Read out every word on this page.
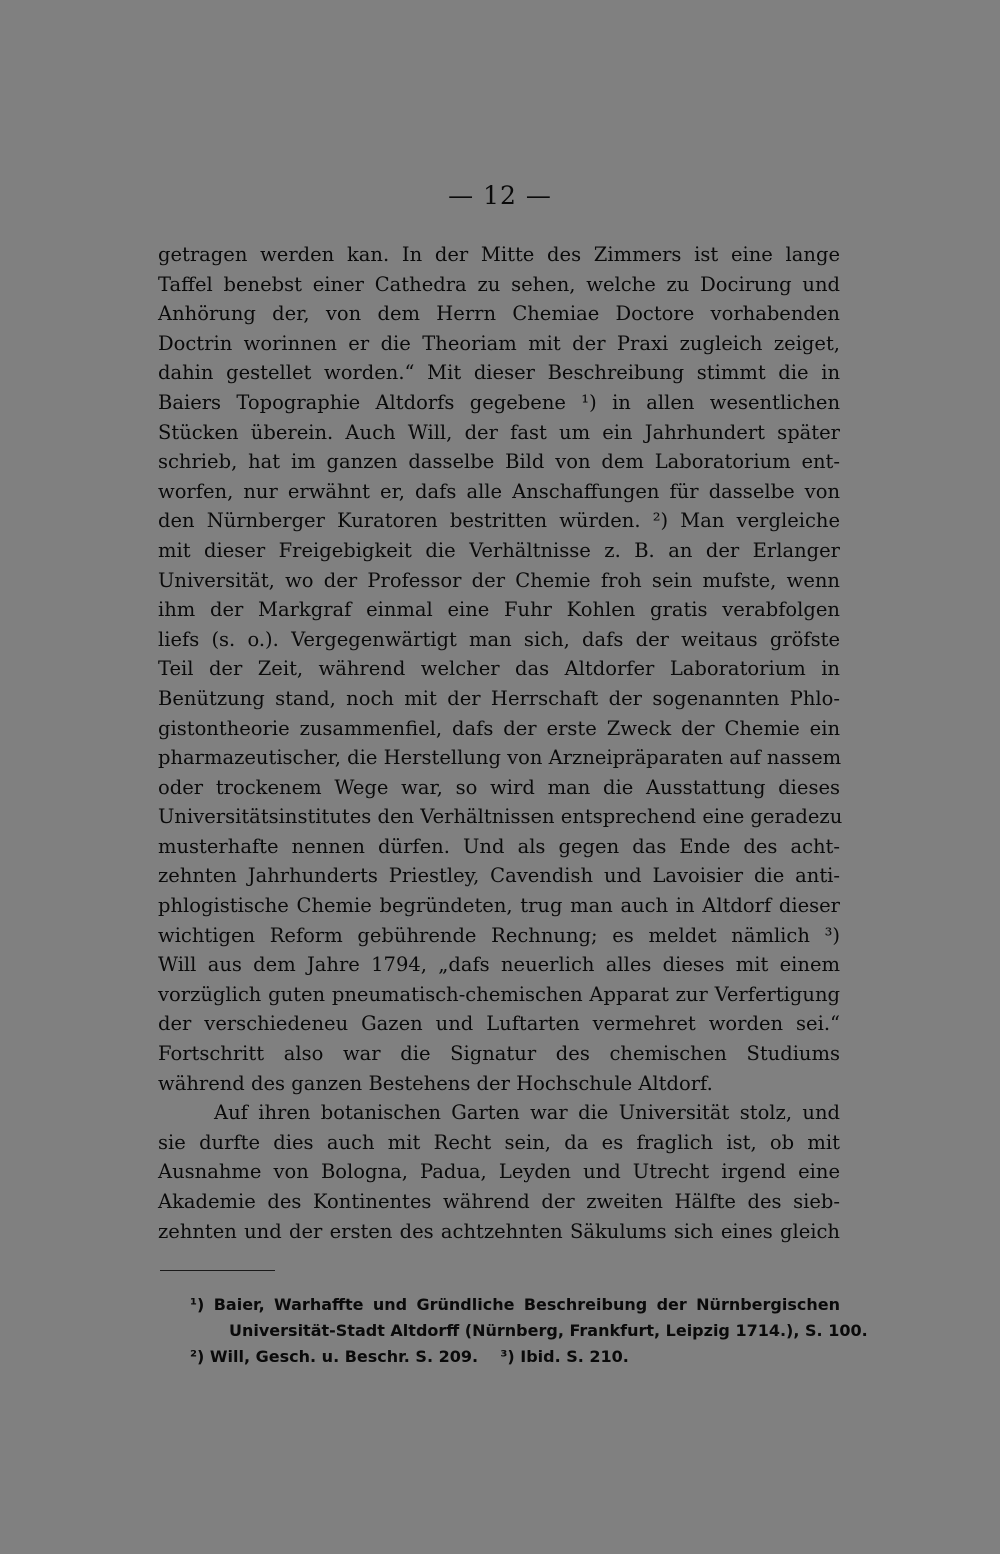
— 12 —
getragen werden kan. In der Mitte des Zimmers ist eine lange
Taffel benebst einer Cathedra zu sehen, welche zu Docirung und
Anhörung der, von dem Herrn Chemiae Doctore vorhabenden
Doctrin worinnen er die Theoriam mit der Praxi zugleich zeiget,
dahin gestellet worden.“ Mit dieser Beschreibung stimmt die in
Baiers Topographie Altdorfs gegebene ¹) in allen wesentlichen
Stücken überein. Auch Will, der fast um ein Jahrhundert später
schrieb, hat im ganzen dasselbe Bild von dem Laboratorium ent-
worfen, nur erwähnt er, dafs alle Anschaffungen für dasselbe von
den Nürnberger Kuratoren bestritten würden. ²) Man vergleiche
mit dieser Freigebigkeit die Verhältnisse z. B. an der Erlanger
Universität, wo der Professor der Chemie froh sein mufste, wenn
ihm der Markgraf einmal eine Fuhr Kohlen gratis verabfolgen
liefs (s. o.). Vergegenwärtigt man sich, dafs der weitaus gröfste
Teil der Zeit, während welcher das Altdorfer Laboratorium in
Benützung stand, noch mit der Herrschaft der sogenannten Phlo-
gistontheorie zusammenfiel, dafs der erste Zweck der Chemie ein
pharmazeutischer, die Herstellung von Arzneipräparaten auf nassem
oder trockenem Wege war, so wird man die Ausstattung dieses
Universitätsinstitutes den Verhältnissen entsprechend eine geradezu
musterhafte nennen dürfen. Und als gegen das Ende des acht-
zehnten Jahrhunderts Priestley, Cavendish und Lavoisier die anti-
phlogistische Chemie begründeten, trug man auch in Altdorf dieser
wichtigen Reform gebührende Rechnung; es meldet nämlich ³)
Will aus dem Jahre 1794, „dafs neuerlich alles dieses mit einem
vorzüglich guten pneumatisch-chemischen Apparat zur Verfertigung
der verschiedeneu Gazen und Luftarten vermehret worden sei.“
Fortschritt also war die Signatur des chemischen Studiums
während des ganzen Bestehens der Hochschule Altdorf.
Auf ihren botanischen Garten war die Universität stolz, und
sie durfte dies auch mit Recht sein, da es fraglich ist, ob mit
Ausnahme von Bologna, Padua, Leyden und Utrecht irgend eine
Akademie des Kontinentes während der zweiten Hälfte des sieb-
zehnten und der ersten des achtzehnten Säkulums sich eines gleich
¹) Baier, Warhaffte und Gründliche Beschreibung der Nürnbergischen
Universität-Stadt Altdorff (Nürnberg, Frankfurt, Leipzig 1714.), S. 100.
²) Will, Gesch. u. Beschr. S. 209.    ³) Ibid. S. 210.
